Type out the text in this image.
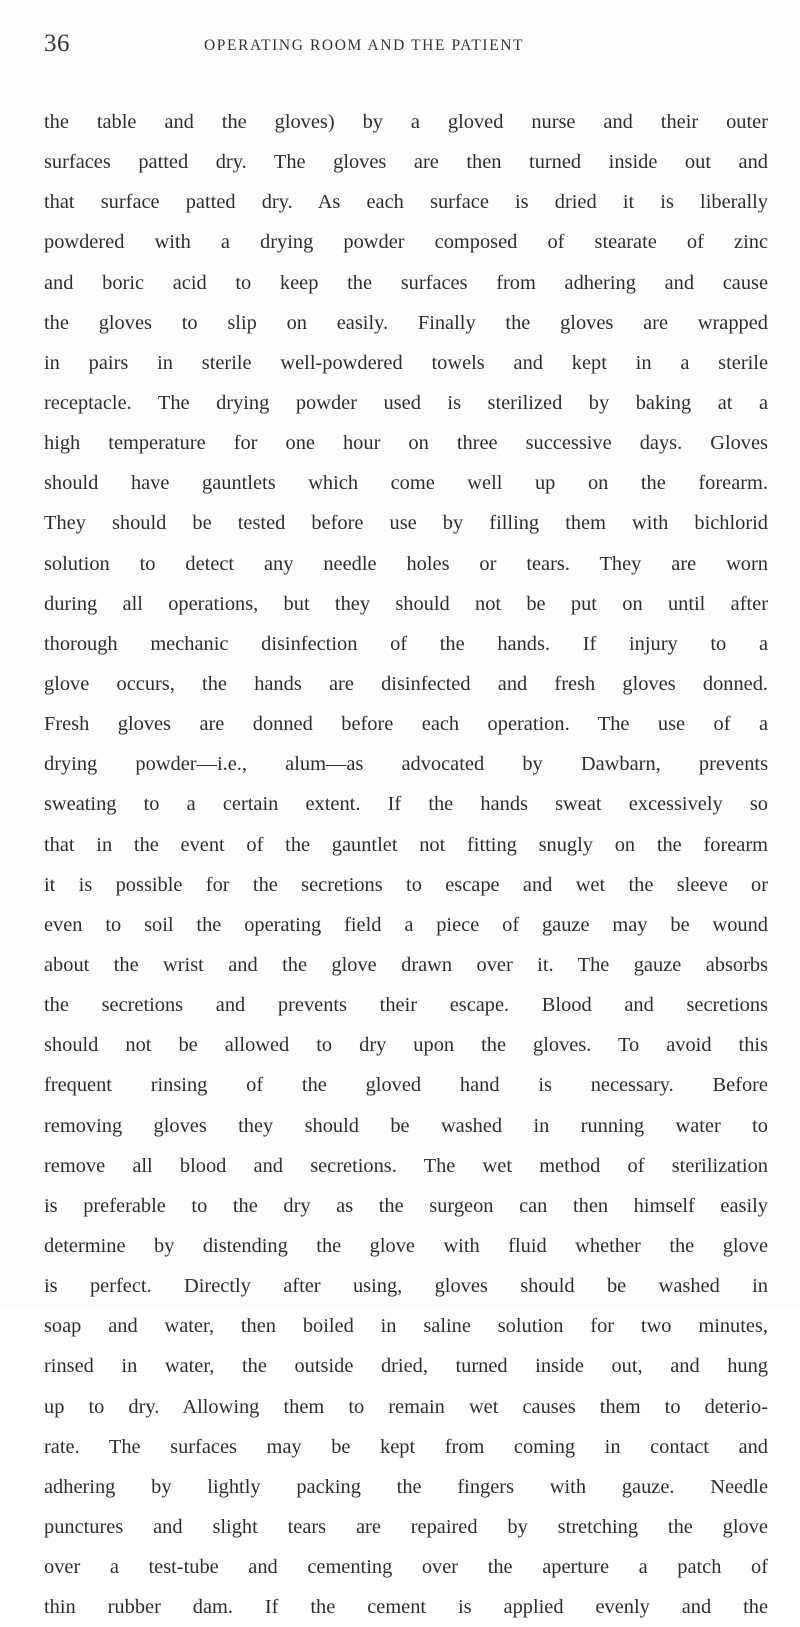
36	OPERATING ROOM AND THE PATIENT
the table and the gloves) by a gloved nurse and their outer
surfaces patted dry. The gloves are then turned inside out and
that surface patted dry. As each surface is dried it is liberally
powdered with a drying powder composed of stearate of zinc
and boric acid to keep the surfaces from adhering and cause
the gloves to slip on easily. Finally the gloves are wrapped
in pairs in sterile well-powdered towels and kept in a sterile
receptacle. The drying powder used is sterilized by baking at a
high temperature for one hour on three successive days. Gloves
should have gauntlets which come well up on the forearm.
They should be tested before use by filling them with bichlorid
solution to detect any needle holes or tears. They are worn
during all operations, but they should not be put on until after
thorough mechanic disinfection of the hands. If injury to a
glove occurs, the hands are disinfected and fresh gloves donned.
Fresh gloves are donned before each operation. The use of a
drying powder—i.e., alum—as advocated by Dawbarn, prevents
sweating to a certain extent. If the hands sweat excessively so
that in the event of the gauntlet not fitting snugly on the forearm
it is possible for the secretions to escape and wet the sleeve or
even to soil the operating field a piece of gauze may be wound
about the wrist and the glove drawn over it. The gauze absorbs
the secretions and prevents their escape. Blood and secretions
should not be allowed to dry upon the gloves. To avoid this
frequent rinsing of the gloved hand is necessary. Before
removing gloves they should be washed in running water to
remove all blood and secretions. The wet method of sterilization
is preferable to the dry as the surgeon can then himself easily
determine by distending the glove with fluid whether the glove
is perfect. Directly after using, gloves should be washed in
soap and water, then boiled in saline solution for two minutes,
rinsed in water, the outside dried, turned inside out, and hung
up to dry. Allowing them to remain wet causes them to deterio-
rate. The surfaces may be kept from coming in contact and
adhering by lightly packing the fingers with gauze. Needle
punctures and slight tears are repaired by stretching the glove
over a test-tube and cementing over the aperture a patch of
thin rubber dam. If the cement is applied evenly and the
